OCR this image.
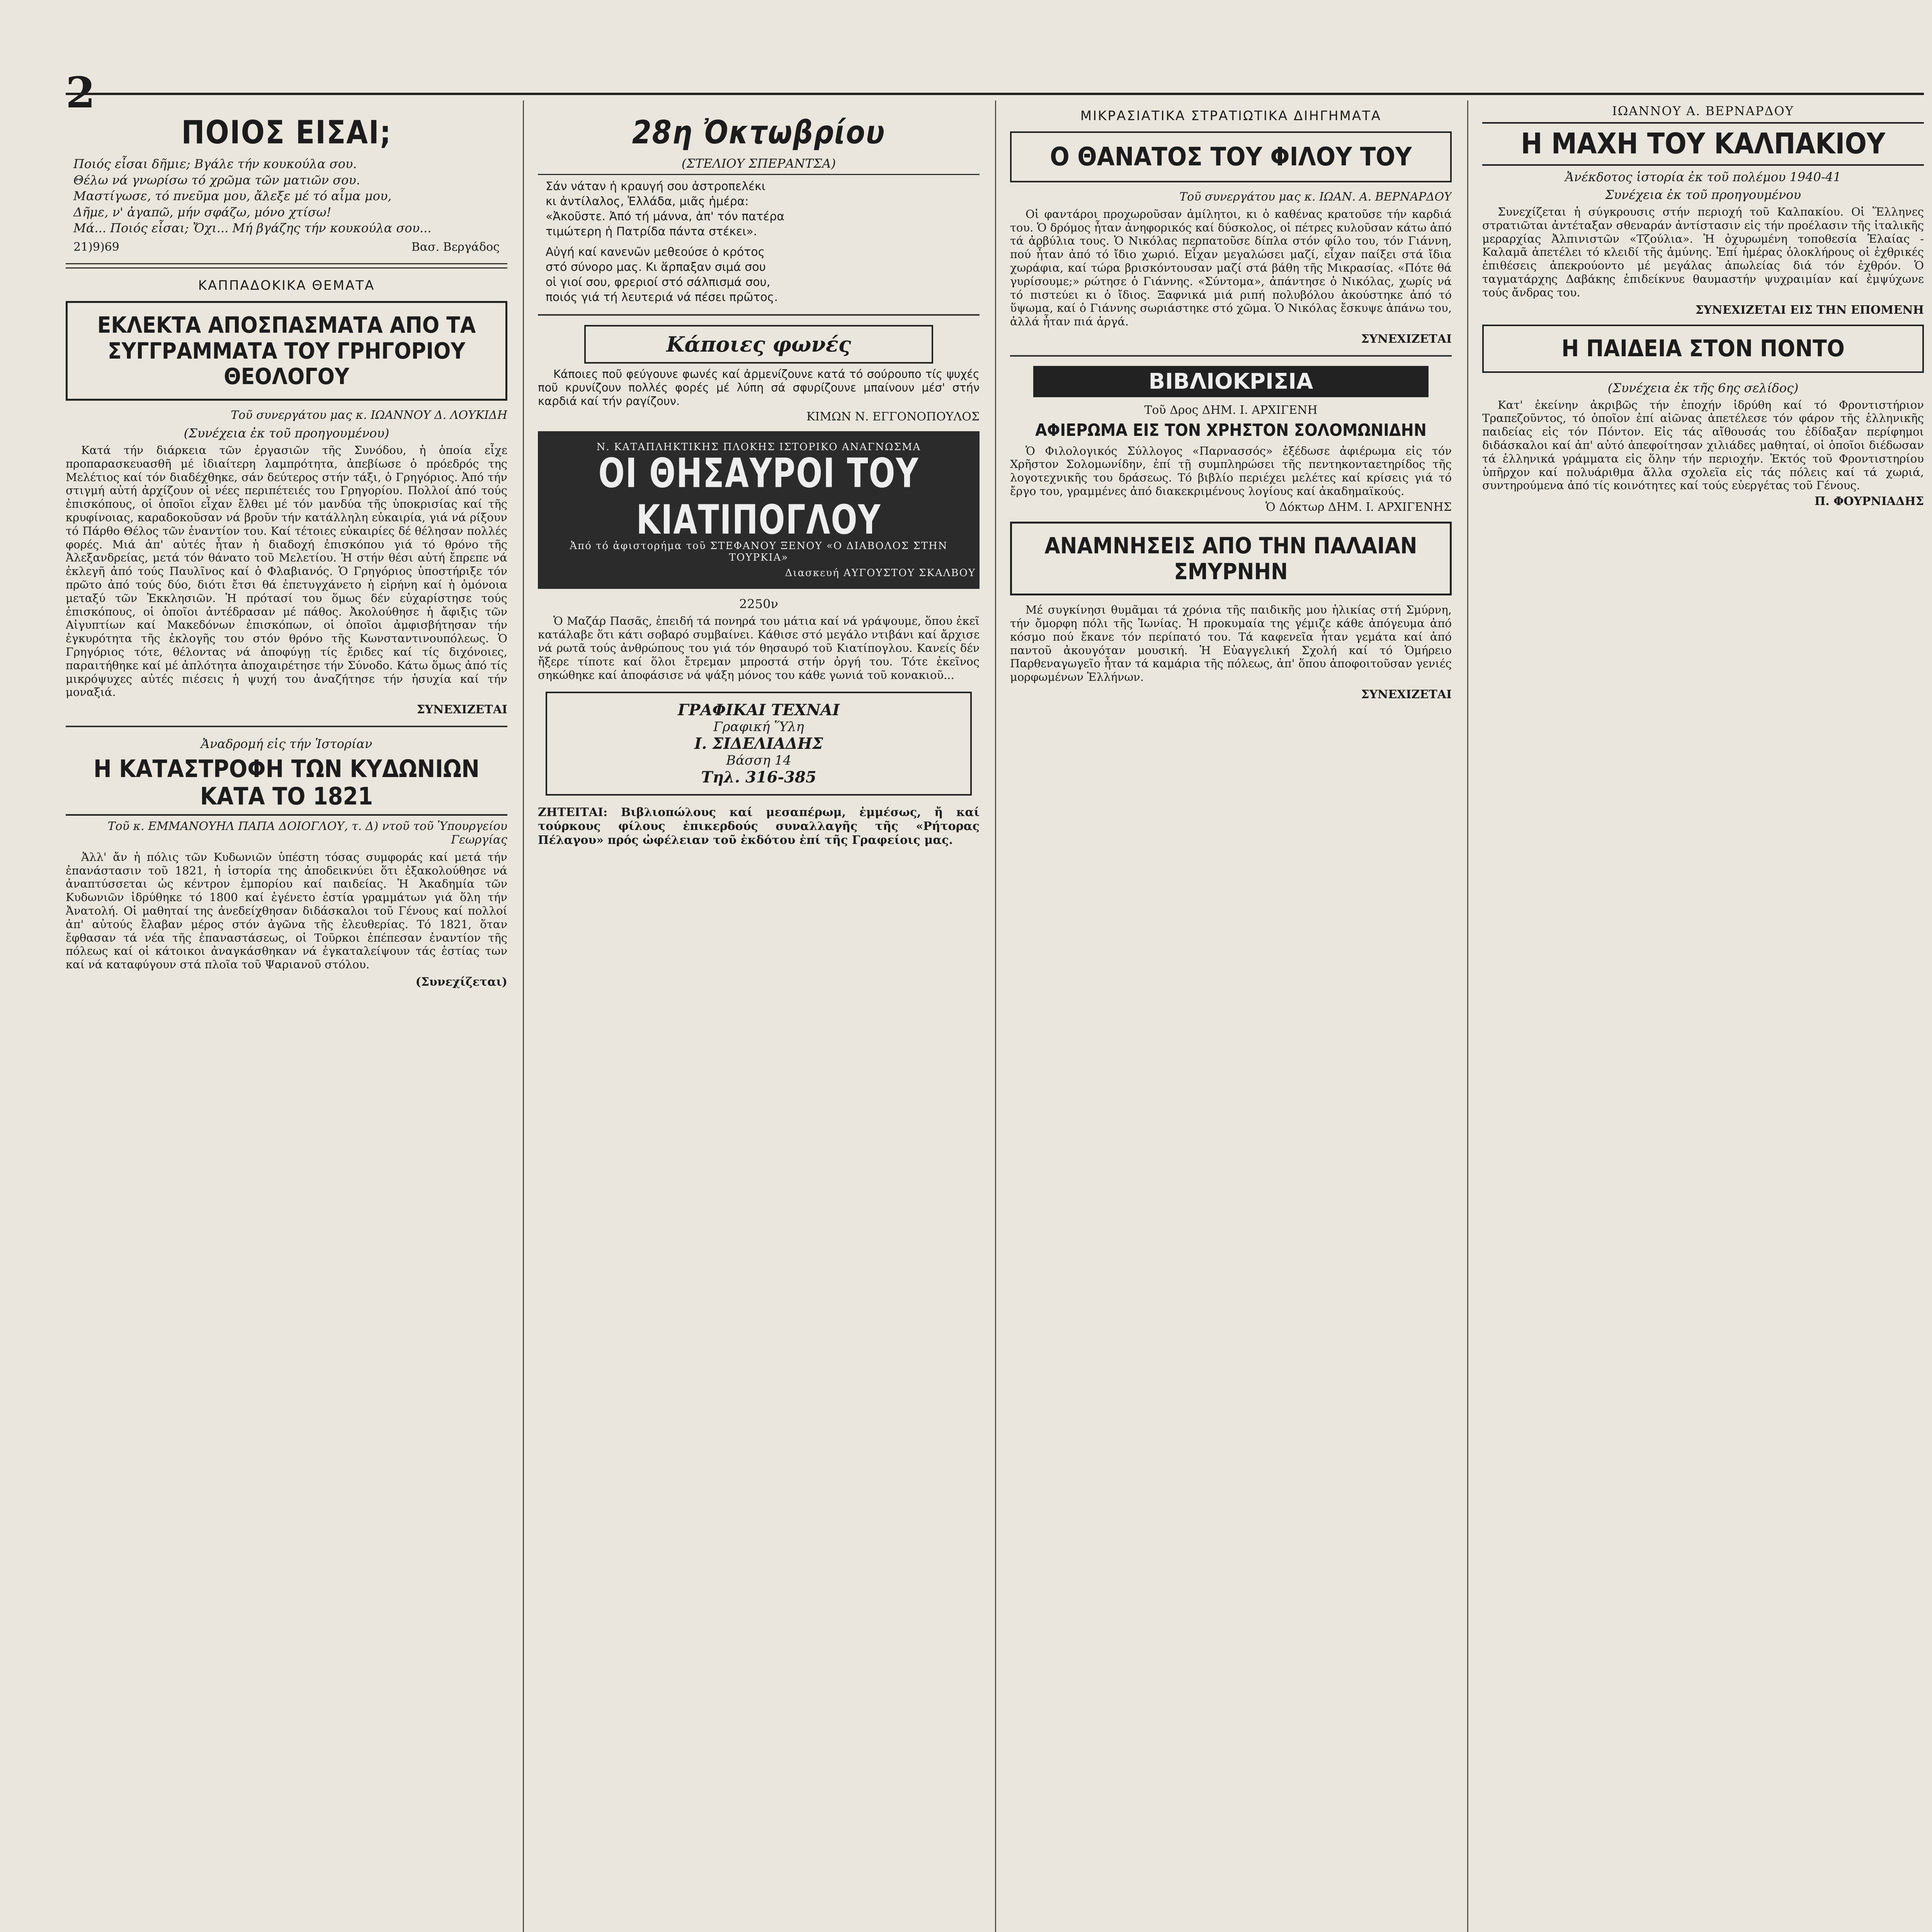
2
ΠΟΙΟΣ ΕΙΣΑΙ;
Ποιός εἶσαι δῆμιε; Βγάλε τήν κουκούλα σου.
Θέλω νά γνωρίσω τό χρῶμα τῶν ματιῶν σου.
Μαστίγωσε, τό πνεῦμα μου, ἄλεξε μέ τό αἷμα μου,
Δῆμε, ν' ἀγαπῶ, μήν σφάζω, μόνο χτίσω!
Μά... Ποιός εἶσαι; Ὄχι... Μή βγάζης τήν κουκούλα σου...
21)9)69	Βασ. Βεργάδος
ΚΑΠΠΑΔΟΚΙΚΑ ΘΕΜΑΤΑ
ΕΚΛΕΚΤΑ ΑΠΟΣΠΑΣΜΑΤΑ ΑΠΟ ΤΑ ΣΥΓΓΡΑΜΜΑΤΑ ΤΟΥ ΓΡΗΓΟΡΙΟΥ ΘΕΟΛΟΓΟΥ
Τοῦ συνεργάτου μας κ. ΙΩΑΝΝΟΥ Δ. ΛΟΥΚΙΔΗ
(Συνέχεια ἐκ τοῦ προηγουμένου)

Κατά τήν διάρκεια τῶν ἐργασιῶν τῆς Συνόδου, ἡ ὁποία εἶχε προπαρασκευασθῆ μέ ἰδιαίτερη λαμπρότητα, ἀπεβίωσε ὁ πρόεδρός της Μελέτιος καί τόν διαδέχθηκε, σάν δεύτερος στήν τάξι, ὁ Γρηγόριος. Ἀπό τήν στιγμή αὐτή ἀρχίζουν οἱ νέες περιπέτειές του Γρηγορίου. Πολλοί ἀπό τούς ἐπισκόπους, οἱ ὁποῖοι εἶχαν ἔλθει μέ τόν μανδύα τῆς ὑποκρισίας καί τῆς κρυφίνοιας, καραδοκοῦσαν νά βροῦν τήν κατάλληλη εὐκαιρία, γιά νά ρίξουν τό Πάρθο Θέλος τῶν ἐναντίον του. Καί τέτοιες εὐκαιρίες δέ θέλησαν πολλές φορές. Μιά ἀπ' αὐτές ἦταν ἡ διαδοχή ἐπισκόπου γιά τό θρόνο τῆς Ἀλεξανδρείας, μετά τόν θάνατο τοῦ Μελετίου. Ἡ στήν θέσι αὐτή ἔπρεπε νά ἐκλεγῆ ἀπό τούς Παυλῖνος καί ὁ Φλαβιανός. Ὁ Γρηγόριος ὑποστήριξε τόν πρῶτο ἀπό τούς δύο, διότι ἔτσι θά ἐπετυγχάνετο ἡ εἰρήνη καί ἡ ὁμόνοια μεταξύ τῶν Ἐκκλησιῶν. Ἡ πρότασί του ὅμως δέν εὐχαρίστησε τούς ἐπισκόπους, οἱ ὁποῖοι ἀντέδρασαν μέ πάθος. Ἀκολούθησε ἡ ἄφιξις τῶν Αἰγυπτίων καί Μακεδόνων ἐπισκόπων, οἱ ὁποῖοι ἀμφισβήτησαν τήν ἐγκυρότητα τῆς ἐκλογῆς του στόν θρόνο τῆς Κωνσταντινουπόλεως. Ὁ Γρηγόριος τότε, θέλοντας νά ἀποφύγῃ τίς ἔριδες καί τίς διχόνοιες, παραιτήθηκε καί μέ ἀπλότητα ἀποχαιρέτησε τήν Σύνοδο. Κάτω ὅμως ἀπό τίς μικρόψυχες αὐτές πιέσεις ἡ ψυχή του ἀναζήτησε τήν ἡσυχία καί τήν μοναξιά.

ΣΥΝΕΧΙΖΕΤΑΙ
Ἀναδρομή εἰς τήν Ἱστορίαν
Η ΚΑΤΑΣΤΡΟΦΗ ΤΩΝ ΚΥΔΩΝΙΩΝ ΚΑΤΑ ΤΟ 1821
Τοῦ κ. ΕΜΜΑΝΟΥΗΛ ΠΑΠΑ ΔΟΙΟΓΛΟΥ, τ. Δ) ντοῦ τοῦ Ὑπουργείου Γεωργίας

Ἀλλ' ἄν ἡ πόλις τῶν Κυδωνιῶν ὑπέστη τόσας συμφοράς καί μετά τήν ἐπανάστασιν τοῦ 1821, ἡ ἱστορία της ἀποδεικνύει ὅτι ἐξακολούθησε νά ἀναπτύσσεται ὡς κέντρον ἐμπορίου καί παιδείας. Ἡ Ἀκαδημία τῶν Κυδωνιῶν ἱδρύθηκε τό 1800 καί ἐγένετο ἐστία γραμμάτων γιά ὅλη τήν Ἀνατολή. Οἱ μαθηταί της ἀνεδείχθησαν διδάσκαλοι τοῦ Γένους καί πολλοί ἀπ' αὐτούς ἔλαβαν μέρος στόν ἀγῶνα τῆς ἐλευθερίας. Τό 1821, ὅταν ἔφθασαν τά νέα τῆς ἐπαναστάσεως, οἱ Τοῦρκοι ἐπέπεσαν ἐναντίον τῆς πόλεως καί οἱ κάτοικοι ἀναγκάσθηκαν νά ἐγκαταλείψουν τάς ἑστίας των καί νά καταφύγουν στά πλοῖα τοῦ Ψαριανοῦ στόλου.

(Συνεχίζεται)
28η Ὀκτωβρίου
(ΣΤΕΛΙΟΥ ΣΠΕΡΑΝΤΣΑ)
Σάν νάταν ἡ κραυγή σου ἀστροπελέκι
κι ἀντίλαλος, Ἑλλάδα, μιᾶς ἡμέρα:
«Ἀκοῦστε. Ἀπό τή μάννα, ἀπ' τόν πατέρα
τιμώτερη ἡ Πατρίδα πάντα στέκει».
Αὐγή καί κανενῶν μεθεούσε ὁ κρότος
στό σύνορο μας. Κι ἅρπαξαν σιμά σου
οἱ γιοί σου, φρεριοί στό σάλπισμά σου,
ποιός γιά τή λευτεριά νά πέσει πρῶτος.
Κάποιες φωνές

Κάποιες ποῦ φεύγουνε φωνές καί ἀρμενίζουνε κατά τό σούρουπο τίς ψυχές ποῦ κρυνίζουν πολλές φορές μέ λύπη σά σφυρίζουνε μπαίνουν μέσ' στήν καρδιά καί τήν ραγίζουν.

ΚΙΜΩΝ Ν. ΕΓΓΟΝΟΠΟΥΛΟΣ
Ν. ΚΑΤΑΠΛΗΚΤΙΚΗΣ ΠΛΟΚΗΣ ΙΣΤΟΡΙΚΟ ΑΝΑΓΝΩΣΜΑ
ΟΙ ΘΗΣΑΥΡΟΙ ΤΟΥ ΚΙΑΤΙΠΟΓΛΟΥ
Ἀπό τό ἀφιστορήμα τοῦ ΣΤΕΦΑΝΟΥ ΞΕΝΟΥ «Ο ΔΙΑΒΟΛΟΣ ΣΤΗΝ ΤΟΥΡΚΙΑ»
Διασκευή ΑΥΓΟΥΣΤΟΥ ΣΚΑΛΒΟΥ
2250ν

Ὁ Μαζάρ Πασᾶς, ἐπειδή τά πονηρά του μάτια καί νά γράψουμε, ὅπου ἐκεῖ κατάλαβε ὅτι κάτι σοβαρό συμβαίνει. Κάθισε στό μεγάλο ντιβάνι καί ἄρχισε νά ρωτᾶ τούς ἀνθρώπους του γιά τόν θησαυρό τοῦ Κιατίπογλου. Κανείς δέν ἤξερε τίποτε καί ὅλοι ἔτρεμαν μπροστά στήν ὀργή του. Τότε ἐκεῖνος σηκώθηκε καί ἀποφάσισε νά ψάξη μόνος του κάθε γωνιά τοῦ κονακιοῦ...

ΓΡΑΦΙΚΑΙ ΤΕΧΝΑΙ
Γραφική Ὕλη
Ι. ΣΙΔΕΛΙΑΔΗΣ
Βάσση 14
Τηλ. 316-385
ΖΗΤΕΙΤΑΙ: Βιβλιοπώλους καί μεσαπέρωμ, ἐμμέσως, ἤ καί τούρκους φίλους ἐπικερδούς συναλλαγῆς τῆς «Ρήτορας Πέλαγου» πρός ὠφέλειαν τοῦ ἐκδότου ἐπί τῆς Γραφείοις μας.
ΜΙΚΡΑΣΙΑΤΙΚΑ ΣΤΡΑΤΙΩΤΙΚΑ ΔΙΗΓΗΜΑΤΑ
Ο ΘΑΝΑΤΟΣ ΤΟΥ ΦΙΛΟΥ ΤΟΥ
Τοῦ συνεργάτου μας κ. ΙΩΑΝ. Α. ΒΕΡΝΑΡΔΟΥ

Οἱ φαντάροι προχωροῦσαν ἀμίλητοι, κι ὁ καθένας κρατοῦσε τήν καρδιά του. Ὁ δρόμος ἦταν ἀνηφορικός καί δύσκολος, οἱ πέτρες κυλοῦσαν κάτω ἀπό τά ἀρβύλια τους. Ὁ Νικόλας περπατοῦσε δίπλα στόν φίλο του, τόν Γιάννη, πού ἦταν ἀπό τό ἴδιο χωριό. Εἶχαν μεγαλώσει μαζί, εἶχαν παίξει στά ἴδια χωράφια, καί τώρα βρισκόντουσαν μαζί στά βάθη τῆς Μικρασίας. «Πότε θά γυρίσουμε;» ρώτησε ὁ Γιάννης. «Σύντομα», ἀπάντησε ὁ Νικόλας, χωρίς νά τό πιστεύει κι ὁ ἴδιος. Ξαφνικά μιά ριπή πολυβόλου ἀκούστηκε ἀπό τό ὕψωμα, καί ὁ Γιάννης σωριάστηκε στό χῶμα. Ὁ Νικόλας ἔσκυψε ἀπάνω του, ἀλλά ἦταν πιά ἀργά.

ΣΥΝΕΧΙΖΕΤΑΙ
ΒΙΒΛΙΟΚΡΙΣΙΑ
Τοῦ Δρος ΔΗΜ. Ι. ΑΡΧΙΓΕΝΗ
ΑΦΙΕΡΩΜΑ ΕΙΣ ΤΟΝ ΧΡΗΣΤΟΝ ΣΟΛΟΜΩΝΙΔΗΝ

Ὁ Φιλολογικός Σύλλογος «Παρνασσός» ἐξέδωσε ἀφιέρωμα εἰς τόν Χρῆστον Σολομωνίδην, ἐπί τῇ συμπληρώσει τῆς πεντηκονταετηρίδος τῆς λογοτεχνικῆς του δράσεως. Τό βιβλίο περιέχει μελέτες καί κρίσεις γιά τό ἔργο του, γραμμένες ἀπό διακεκριμένους λογίους καί ἀκαδημαϊκούς.

Ὁ Δόκτωρ ΔΗΜ. Ι. ΑΡΧΙΓΕΝΗΣ
ΑΝΑΜΝΗΣΕΙΣ ΑΠΟ ΤΗΝ ΠΑΛΑΙΑΝ ΣΜΥΡΝΗΝ

Μέ συγκίνησι θυμᾶμαι τά χρόνια τῆς παιδικῆς μου ἡλικίας στή Σμύρνη, τήν ὄμορφη πόλι τῆς Ἰωνίας. Ἡ προκυμαία της γέμιζε κάθε ἀπόγευμα ἀπό κόσμο πού ἔκανε τόν περίπατό του. Τά καφενεῖα ἦταν γεμάτα καί ἀπό παντοῦ ἀκουγόταν μουσική. Ἡ Εὐαγγελική Σχολή καί τό Ὁμήρειο Παρθεναγωγεῖο ἦταν τά καμάρια τῆς πόλεως, ἀπ' ὅπου ἀποφοιτοῦσαν γενιές μορφωμένων Ἑλλήνων.

ΣΥΝΕΧΙΖΕΤΑΙ
ΙΩΑΝΝΟΥ Α. ΒΕΡΝΑΡΔΟΥ
Η ΜΑΧΗ ΤΟΥ ΚΑΛΠΑΚΙΟΥ
Ἀνέκδοτος ἱστορία ἐκ τοῦ πολέμου 1940-41
Συνέχεια ἐκ τοῦ προηγουμένου

Συνεχίζεται ἡ σύγκρουσις στήν περιοχή τοῦ Καλπακίου. Οἱ Ἕλληνες στρατιῶται ἀντέταξαν σθεναράν ἀντίστασιν εἰς τήν προέλασιν τῆς ἰταλικῆς μεραρχίας Ἀλπινιστῶν «Τζούλια». Ἡ ὀχυρωμένη τοποθεσία Ἐλαίας - Καλαμᾶ ἀπετέλει τό κλειδί τῆς ἀμύνης. Ἐπί ἡμέρας ὁλοκλήρους οἱ ἐχθρικές ἐπιθέσεις ἀπεκρούοντο μέ μεγάλας ἀπωλείας διά τόν ἐχθρόν. Ὁ ταγματάρχης Δαβάκης ἐπιδείκνυε θαυμαστήν ψυχραιμίαν καί ἐμψύχωνε τούς ἄνδρας του.

ΣΥΝΕΧΙΖΕΤΑΙ ΕΙΣ ΤΗΝ ΕΠΟΜΕΝΗ
Η ΠΑΙΔΕΙΑ ΣΤΟΝ ΠΟΝΤΟ
(Συνέχεια ἐκ τῆς 6ης σελίδος)

Κατ' ἐκείνην ἀκριβῶς τήν ἐποχήν ἱδρύθη καί τό Φροντιστήριον Τραπεζοῦντος, τό ὁποῖον ἐπί αἰῶνας ἀπετέλεσε τόν φάρον τῆς ἑλληνικῆς παιδείας εἰς τόν Πόντον. Εἰς τάς αἴθουσάς του ἐδίδαξαν περίφημοι διδάσκαλοι καί ἀπ' αὐτό ἀπεφοίτησαν χιλιάδες μαθηταί, οἱ ὁποῖοι διέδωσαν τά ἑλληνικά γράμματα εἰς ὅλην τήν περιοχήν. Ἐκτός τοῦ Φροντιστηρίου ὑπῆρχον καί πολυάριθμα ἄλλα σχολεῖα εἰς τάς πόλεις καί τά χωριά, συντηρούμενα ἀπό τίς κοινότητες καί τούς εὐεργέτας τοῦ Γένους.

Π. ΦΟΥΡΝΙΑΔΗΣ
